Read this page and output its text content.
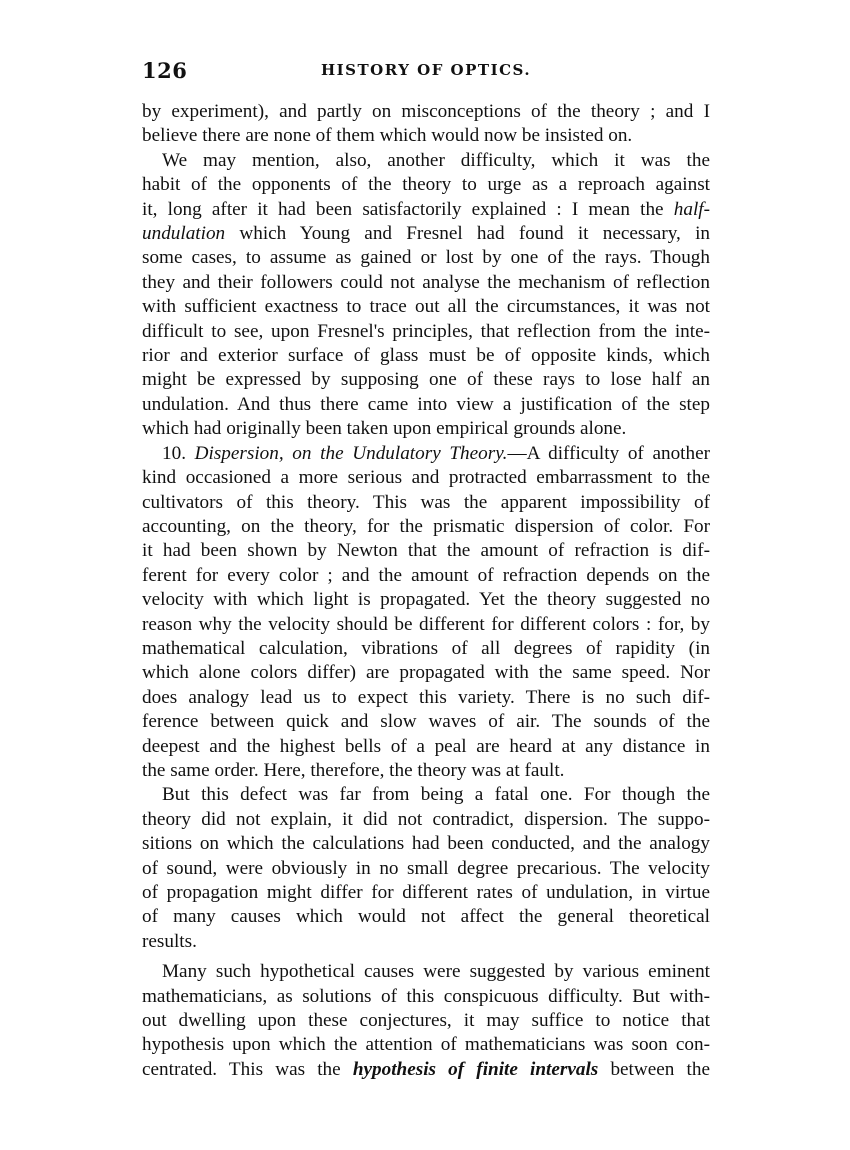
126	HISTORY OF OPTICS.

by experiment), and partly on misconceptions of the theory ; and I
believe there are none of them which would now be insisted on.

We may mention, also, another difficulty, which it was the
habit of the opponents of the theory to urge as a reproach against
it, long after it had been satisfactorily explained : I mean the half-
undulation which Young and Fresnel had found it necessary, in
some cases, to assume as gained or lost by one of the rays. Though
they and their followers could not analyse the mechanism of reflection
with sufficient exactness to trace out all the circumstances, it was not
difficult to see, upon Fresnel's principles, that reflection from the inte-
rior and exterior surface of glass must be of opposite kinds, which
might be expressed by supposing one of these rays to lose half an
undulation. And thus there came into view a justification of the step
which had originally been taken upon empirical grounds alone.

10. Dispersion, on the Undulatory Theory.—A difficulty of another
kind occasioned a more serious and protracted embarrassment to the
cultivators of this theory. This was the apparent impossibility of
accounting, on the theory, for the prismatic dispersion of color. For
it had been shown by Newton that the amount of refraction is dif-
ferent for every color ; and the amount of refraction depends on the
velocity with which light is propagated. Yet the theory suggested no
reason why the velocity should be different for different colors : for, by
mathematical calculation, vibrations of all degrees of rapidity (in
which alone colors differ) are propagated with the same speed. Nor
does analogy lead us to expect this variety. There is no such dif-
ference between quick and slow waves of air. The sounds of the
deepest and the highest bells of a peal are heard at any distance in
the same order. Here, therefore, the theory was at fault.

But this defect was far from being a fatal one. For though the
theory did not explain, it did not contradict, dispersion. The suppo-
sitions on which the calculations had been conducted, and the analogy
of sound, were obviously in no small degree precarious. The velocity
of propagation might differ for different rates of undulation, in virtue
of many causes which would not affect the general theoretical
results.

Many such hypothetical causes were suggested by various eminent
mathematicians, as solutions of this conspicuous difficulty. But with-
out dwelling upon these conjectures, it may suffice to notice that
hypothesis upon which the attention of mathematicians was soon con-
centrated. This was the hypothesis of finite intervals between the
